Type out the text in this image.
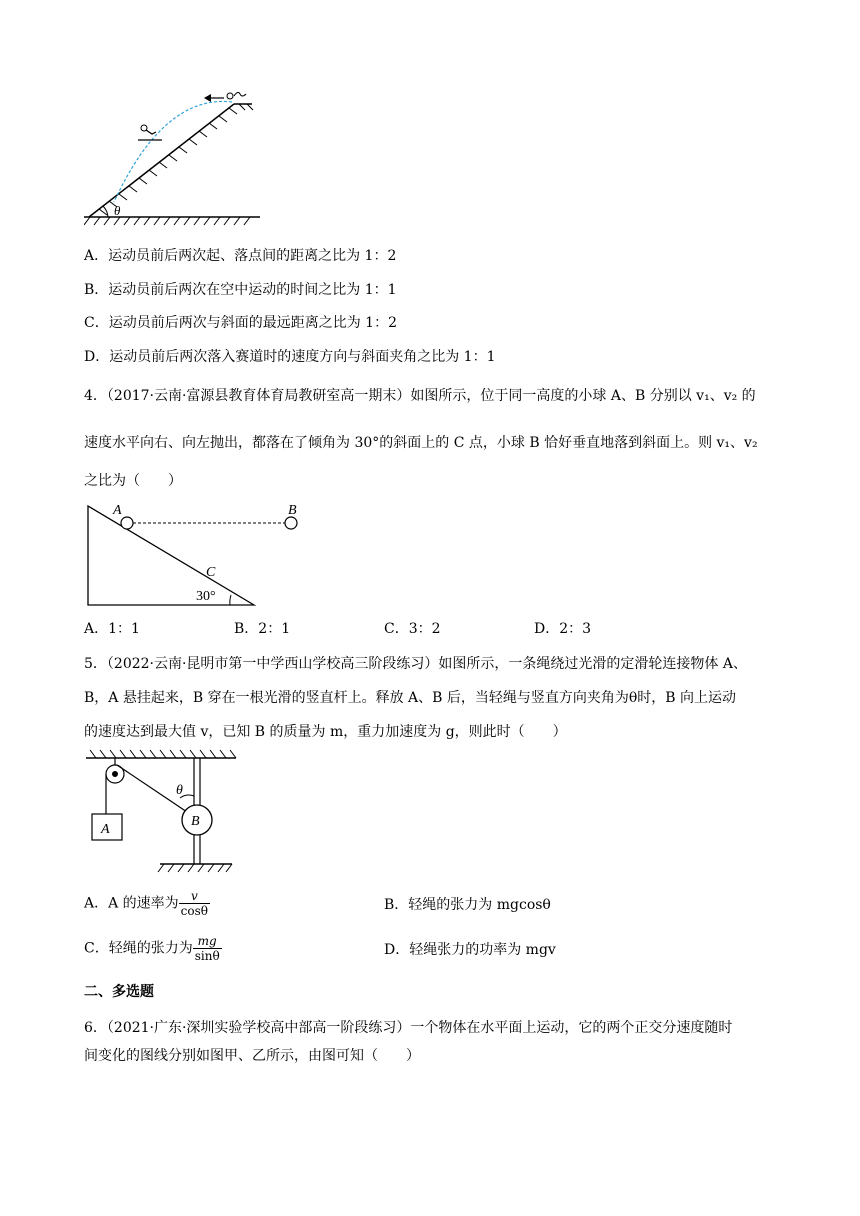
θ
A．运动员前后两次起、落点间的距离之比为 1：2
B．运动员前后两次在空中运动的时间之比为 1：1
C．运动员前后两次与斜面的最远距离之比为 1：2
D．运动员前后两次落入赛道时的速度方向与斜面夹角之比为 1：1
4．（2017·云南·富源县教育体育局教研室高一期末）如图所示，位于同一高度的小球 A、B 分别以 v₁、v₂ 的
速度水平向右、向左抛出，都落在了倾角为 30°的斜面上的 C 点，小球 B 恰好垂直地落到斜面上。则 v₁、v₂
之比为（　　）
A	B
C
30°
A．1：1	B．2：1	C．3：2	D．2：3
5．（2022·云南·昆明市第一中学西山学校高三阶段练习）如图所示，一条绳绕过光滑的定滑轮连接物体 A、
B，A 悬挂起来，B 穿在一根光滑的竖直杆上。释放 A、B 后，当轻绳与竖直方向夹角为θ时，B 向上运动
的速度达到最大值 v，已知 B 的质量为 m，重力加速度为 g，则此时（　　）
A
B
θ
A．A 的速率为 $\frac{v}{\cos\theta}$	B．轻绳的张力为 mgcosθ
C．轻绳的张力为 $\frac{mg}{\sin\theta}$	D．轻绳张力的功率为 mgv
二、多选题
6．（2021·广东·深圳实验学校高中部高一阶段练习）一个物体在水平面上运动，它的两个正交分速度随时
间变化的图线分别如图甲、乙所示，由图可知（　　）
